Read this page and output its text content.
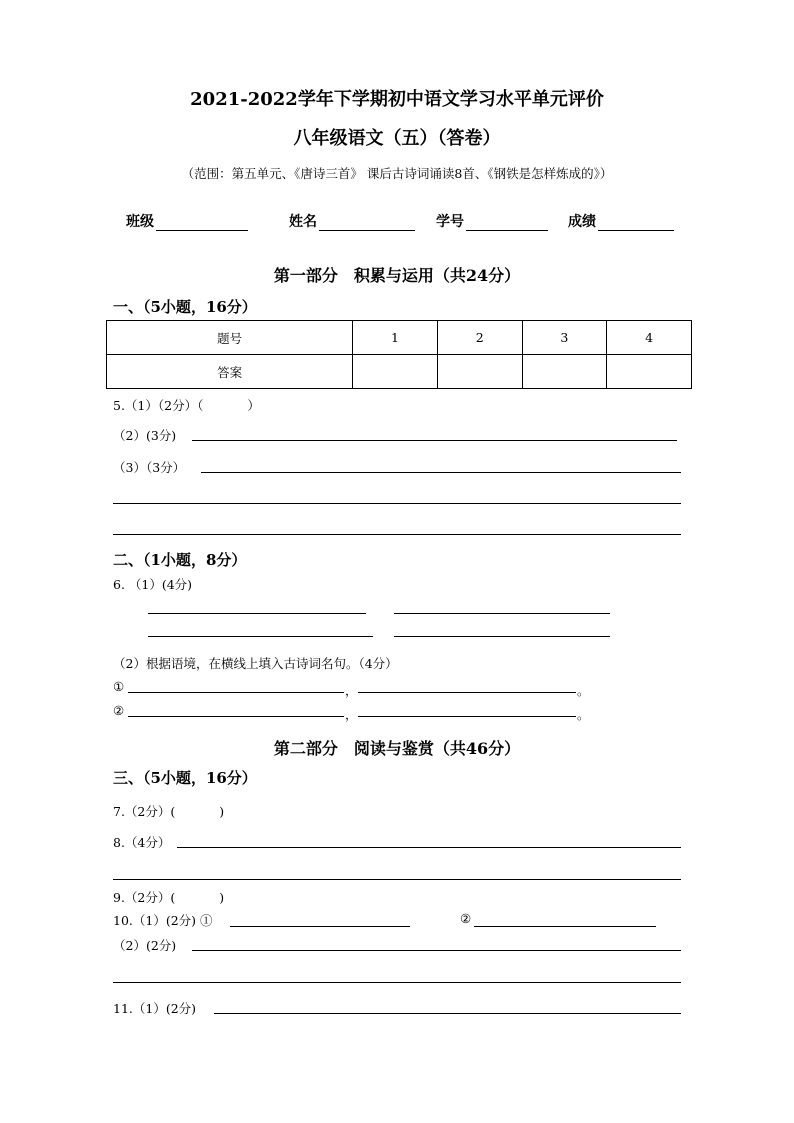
2021-2022学年下学期初中语文学习水平单元评价
八年级语文（五）（答卷）
（范围：第五单元、《唐诗三首》 课后古诗词诵读8首、《钢铁是怎样炼成的》）
班级	姓名	学号	成绩
第一部分　积累与运用（共24分）
一、（5小题，16分）
题号	1	2	3	4
答案				
5.（1）（2分）（	）
（2）(3分)
（3）（3分）
二、（1小题，8分）
6. （1）(4分)
（2）根据语境，在横线上填入古诗词名句。（4分）
①	，	。
②	，	。
第二部分　阅读与鉴赏（共46分）
三、（5小题，16分）
7.（2分）(	)
8.（4分）
9.（2分）(	)
10.（1）(2分) ①	②
（2）(2分)
11.（1）(2分)
